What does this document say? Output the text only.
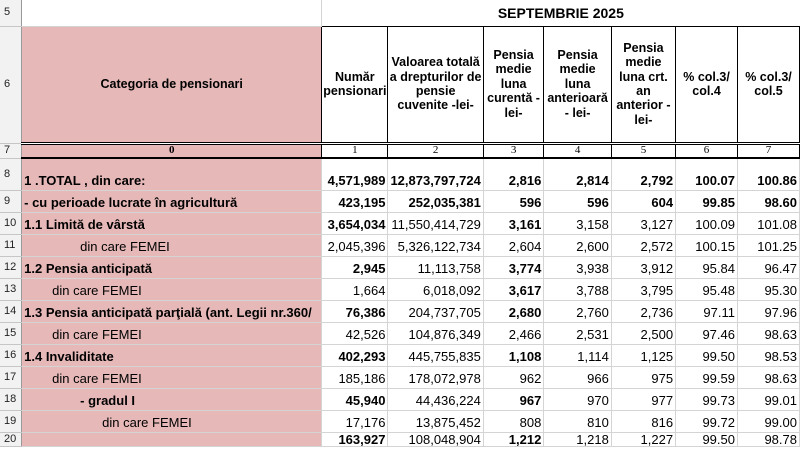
5		SEPTEMBRIE 2025						
6	Categoria de pensionari	Număr pensionari	Valoarea totală a drepturilor de pensie cuvenite -lei-	Pensia medie luna curentă -lei-	Pensia medie luna anterioară - lei-	Pensia medie luna crt. an anterior -lei-	% col.3/ col.4	% col.3/ col.5
7	0	1	2	3	4	5	6	7
8	1 .TOTAL , din care:	4,571,989	12,873,797,724	2,816	2,814	2,792	100.07	100.86
9	- cu perioade lucrate în agricultură	423,195	252,035,381	596	596	604	99.85	98.60
10	1.1 Limită de vârstă	3,654,034	11,550,414,729	3,161	3,158	3,127	100.09	101.08
11	din care FEMEI	2,045,396	5,326,122,734	2,604	2,600	2,572	100.15	101.25
12	1.2 Pensia anticipată	2,945	11,113,758	3,774	3,938	3,912	95.84	96.47
13	din care FEMEI	1,664	6,018,092	3,617	3,788	3,795	95.48	95.30
14	1.3 Pensia anticipată parţială (ant. Legii nr.360/	76,386	204,737,705	2,680	2,760	2,736	97.11	97.96
15	din care FEMEI	42,526	104,876,349	2,466	2,531	2,500	97.46	98.63
16	1.4 Invaliditate	402,293	445,755,835	1,108	1,114	1,125	99.50	98.53
17	din care FEMEI	185,186	178,072,978	962	966	975	99.59	98.63
18	- gradul I	45,940	44,436,224	967	970	977	99.73	99.01
19	din care FEMEI	17,176	13,875,452	808	810	816	99.72	99.00
20		163,927	108,048,904	1,212	1,218	1,227	99.50	98.78
